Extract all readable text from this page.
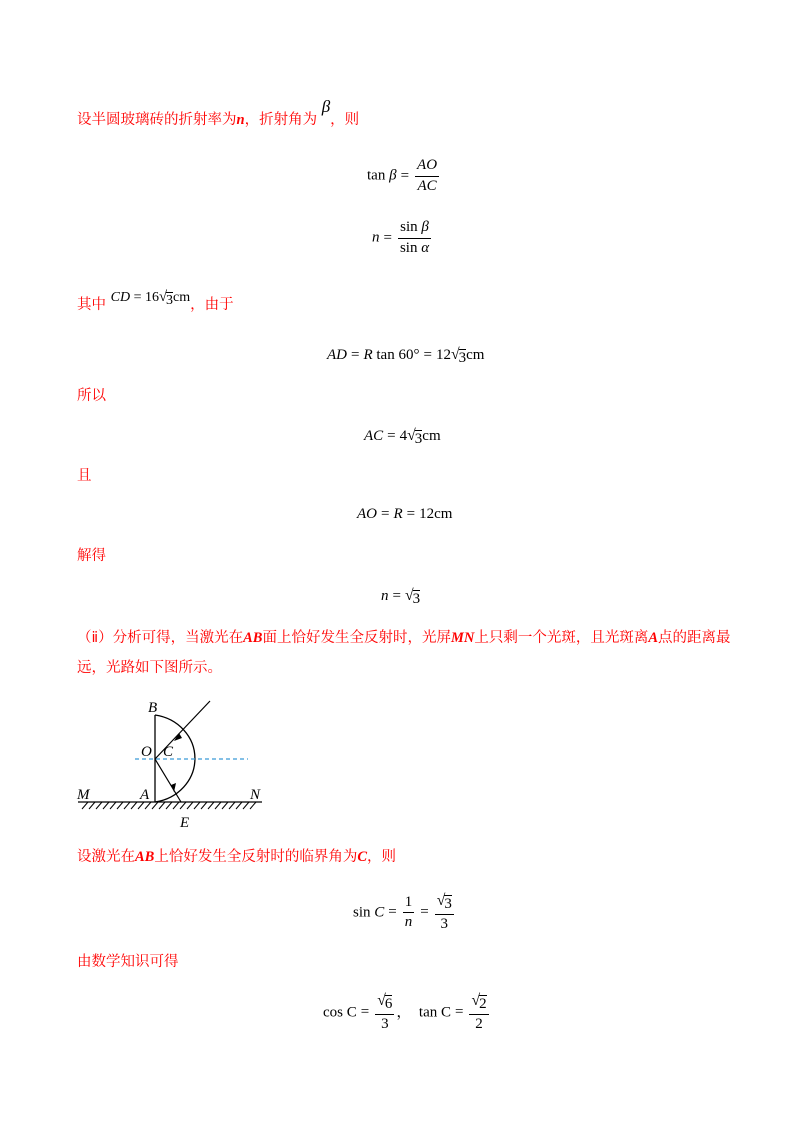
设半圆玻璃砖的折射率为n，折射角为 β，则
$\tan \beta = \frac{AO}{AC}$
$n = \frac{\text{sin β}}{\text{sin α}}$
其中 CD = 16 √ 3 cm，由于
AD = R tan 60° = 12 √ 3 cm
所以
AC = 4 √ 3 cm
且
AO = R = 12cm
解得
n = √ 3
（ⅱ）分析可得，当激光在AB面上恰好发生全反射时，光屏MN上只剩一个光斑，且光斑离A点的距离最远，光路如下图所示。
B
O C
M	A	N
E
设激光在AB上恰好发生全反射时的临界角为C，则
$\sin C = \frac{1}{n} = \frac{√ 3}{3}$
由数学知识可得
$\cos C = \frac{√ 6}{3}$ ， $\tan C = \frac{√ 2}{2}$
